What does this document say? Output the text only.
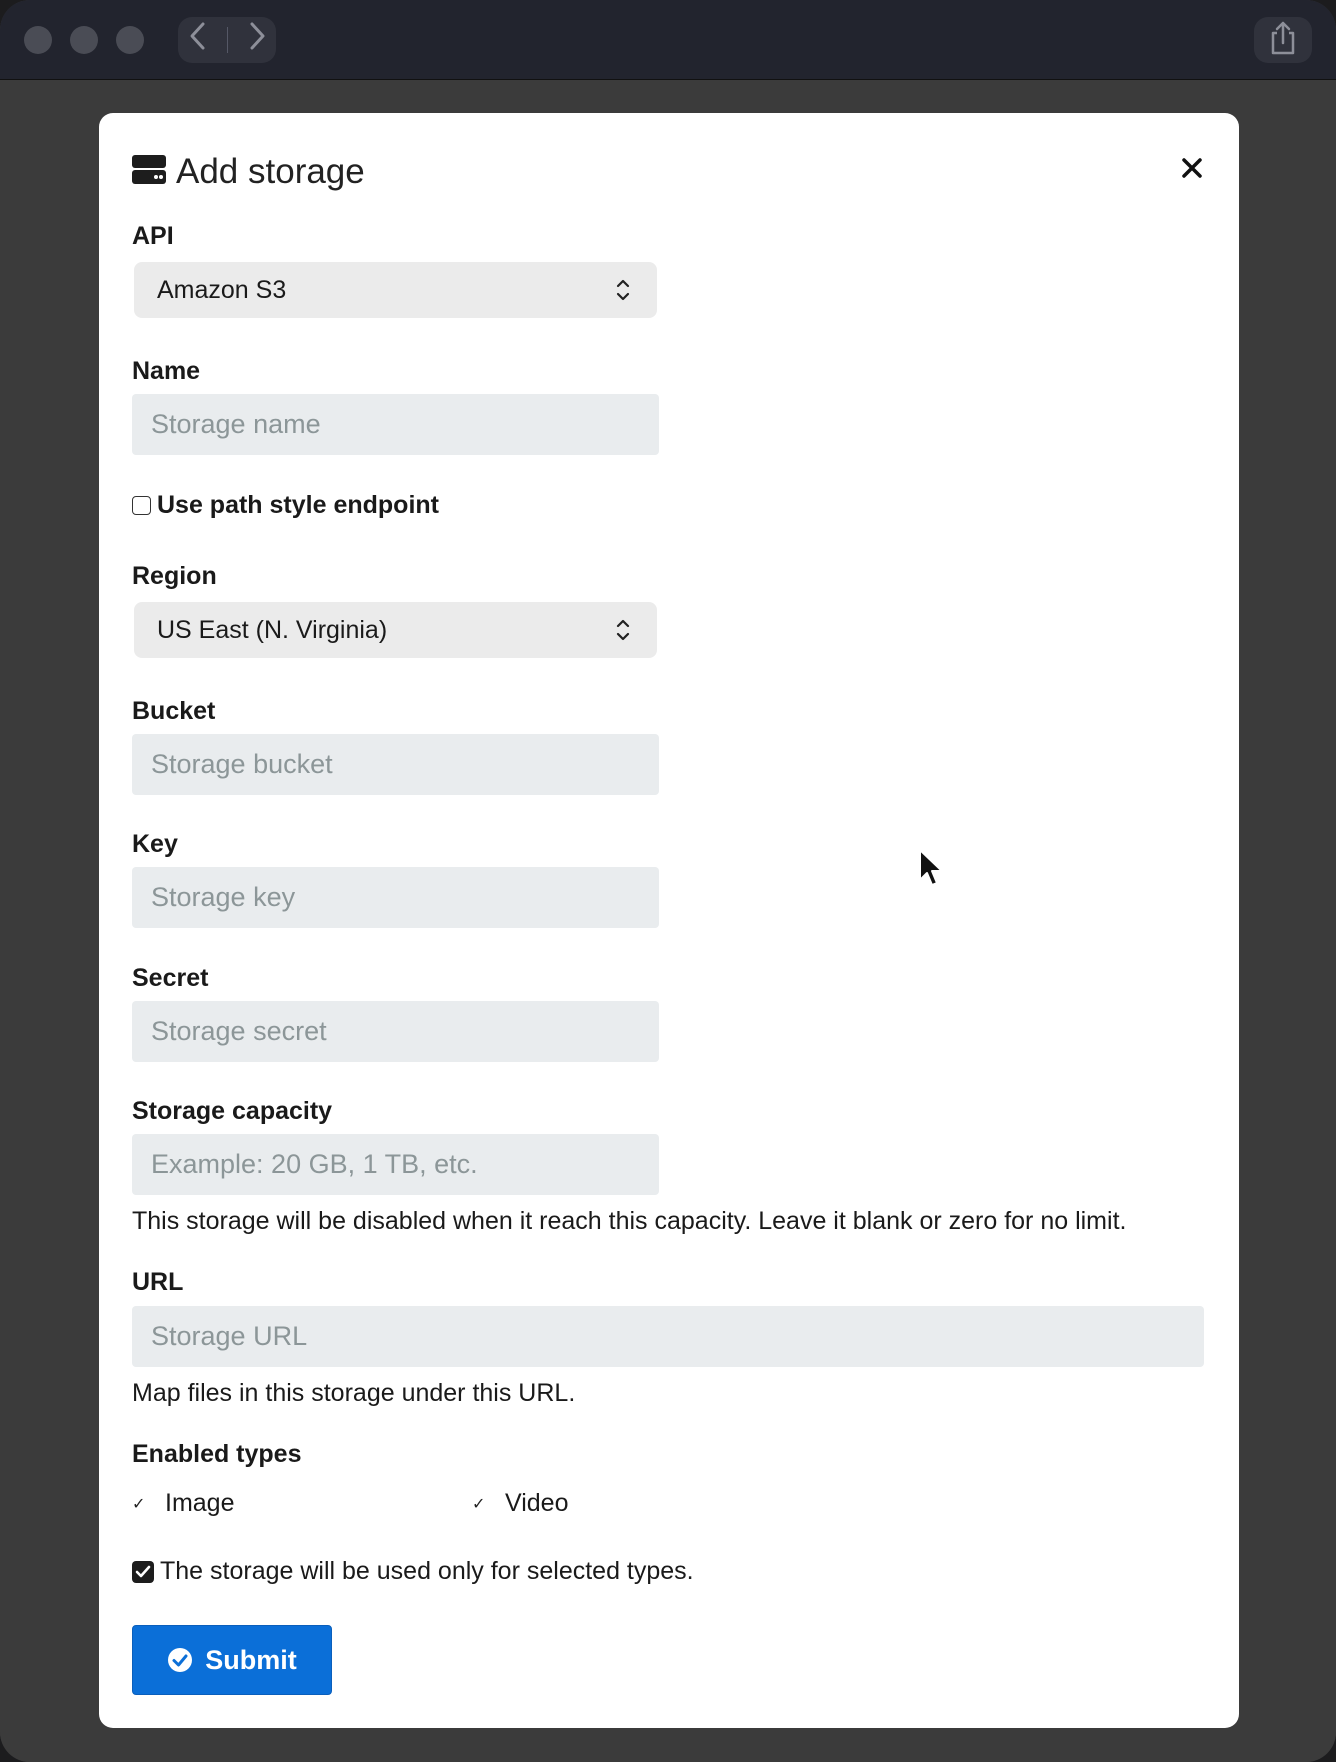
Add storage
API
Amazon S3
Name
Storage name
Use path style endpoint
Region
US East (N. Virginia)
Bucket
Storage bucket
Key
Storage key
Secret
Storage secret
Storage capacity
Example: 20 GB, 1 TB, etc.
This storage will be disabled when it reach this capacity. Leave it blank or zero for no limit.
URL
Storage URL
Map files in this storage under this URL.
Enabled types
✓ Image	✓ Video
The storage will be used only for selected types.
Submit
